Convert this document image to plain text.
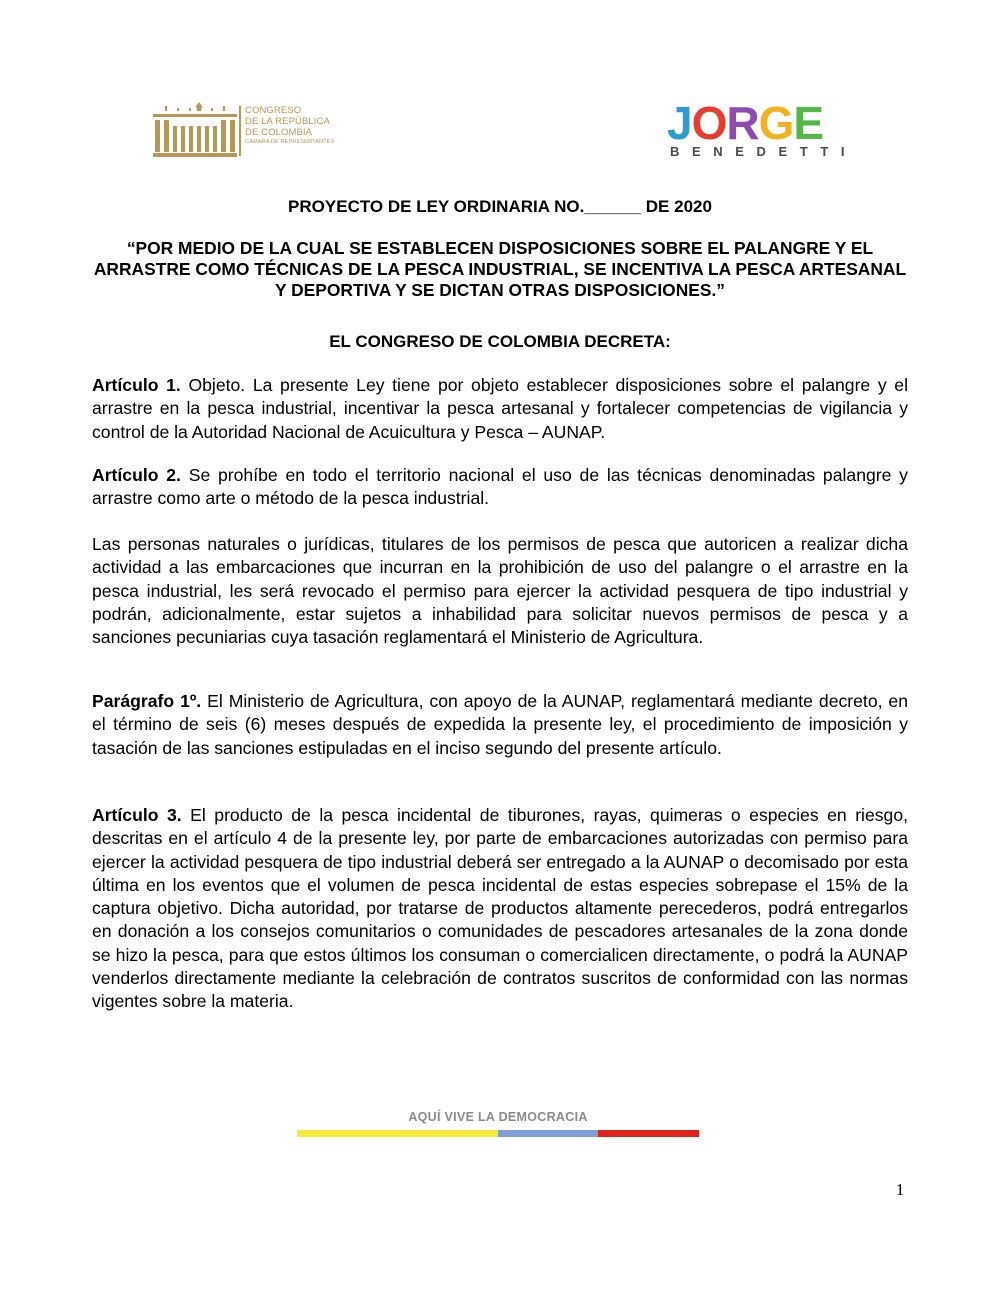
CONGRESO
DE LA REPÚBLICA
DE COLOMBIA
CÁMARA DE REPRESENTANTES	JORGE
BENEDETTI
PROYECTO DE LEY ORDINARIA NO.______ DE 2020
“POR MEDIO DE LA CUAL SE ESTABLECEN DISPOSICIONES SOBRE EL PALANGRE Y EL ARRASTRE COMO TÉCNICAS DE LA PESCA INDUSTRIAL, SE INCENTIVA LA PESCA ARTESANAL Y DEPORTIVA Y SE DICTAN OTRAS DISPOSICIONES.”
EL CONGRESO DE COLOMBIA DECRETA:
Artículo 1. Objeto. La presente Ley tiene por objeto establecer disposiciones sobre el palangre y el arrastre en la pesca industrial, incentivar la pesca artesanal y fortalecer competencias de vigilancia y control de la Autoridad Nacional de Acuicultura y Pesca – AUNAP.
Artículo 2. Se prohíbe en todo el territorio nacional el uso de las técnicas denominadas palangre y arrastre como arte o método de la pesca industrial.
Las personas naturales o jurídicas, titulares de los permisos de pesca que autoricen a realizar dicha actividad a las embarcaciones que incurran en la prohibición de uso del palangre o el arrastre en la pesca industrial, les será revocado el permiso para ejercer la actividad pesquera de tipo industrial y podrán, adicionalmente, estar sujetos a inhabilidad para solicitar nuevos permisos de pesca y a sanciones pecuniarias cuya tasación reglamentará el Ministerio de Agricultura.
Parágrafo 1º. El Ministerio de Agricultura, con apoyo de la AUNAP, reglamentará mediante decreto, en el término de seis (6) meses después de expedida la presente ley, el procedimiento de imposición y tasación de las sanciones estipuladas en el inciso segundo del presente artículo.
Artículo 3. El producto de la pesca incidental de tiburones, rayas, quimeras o especies en riesgo, descritas en el artículo 4 de la presente ley, por parte de embarcaciones autorizadas con permiso para ejercer la actividad pesquera de tipo industrial deberá ser entregado a la AUNAP o decomisado por esta última en los eventos que el volumen de pesca incidental de estas especies sobrepase el 15% de la captura objetivo. Dicha autoridad, por tratarse de productos altamente perecederos, podrá entregarlos en donación a los consejos comunitarios o comunidades de pescadores artesanales de la zona donde se hizo la pesca, para que estos últimos los consuman o comercialicen directamente, o podrá la AUNAP venderlos directamente mediante la celebración de contratos suscritos de conformidad con las normas vigentes sobre la materia.
AQUÍ VIVE LA DEMOCRACIA
1
